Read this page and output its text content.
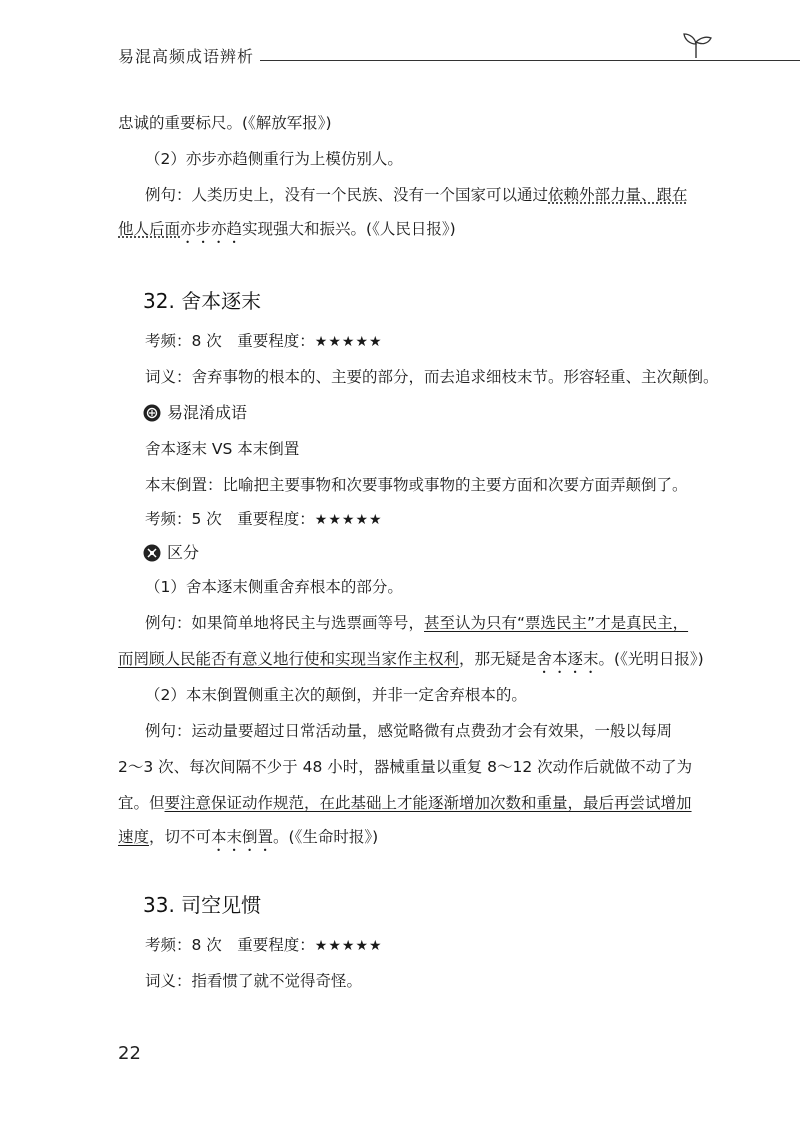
易混高频成语辨析
忠诚的重要标尺。(《解放军报》)
（2）亦步亦趋侧重行为上模仿别人。
例句：人类历史上，没有一个民族、没有一个国家可以通过依赖外部力量、跟在
他人后面亦步亦趋实现强大和振兴。(《人民日报》)
32. 舍本逐末
考频：8 次　重要程度：★★★★★
词义：舍弃事物的根本的、主要的部分，而去追求细枝末节。形容轻重、主次颠倒。
易混淆成语
舍本逐末 VS 本末倒置
本末倒置：比喻把主要事物和次要事物或事物的主要方面和次要方面弄颠倒了。
考频：5 次　重要程度：★★★★★
区分
（1）舍本逐末侧重舍弃根本的部分。
例句：如果简单地将民主与选票画等号，甚至认为只有“票选民主”才是真民主，
而罔顾人民能否有意义地行使和实现当家作主权利，那无疑是舍本逐末。(《光明日报》)
（2）本末倒置侧重主次的颠倒，并非一定舍弃根本的。
例句：运动量要超过日常活动量，感觉略微有点费劲才会有效果，一般以每周
2～3 次、每次间隔不少于 48 小时，器械重量以重复 8～12 次动作后就做不动了为
宜。但要注意保证动作规范，在此基础上才能逐渐增加次数和重量，最后再尝试增加
速度，切不可本末倒置。(《生命时报》)
33. 司空见惯
考频：8 次　重要程度：★★★★★
词义：指看惯了就不觉得奇怪。
22
